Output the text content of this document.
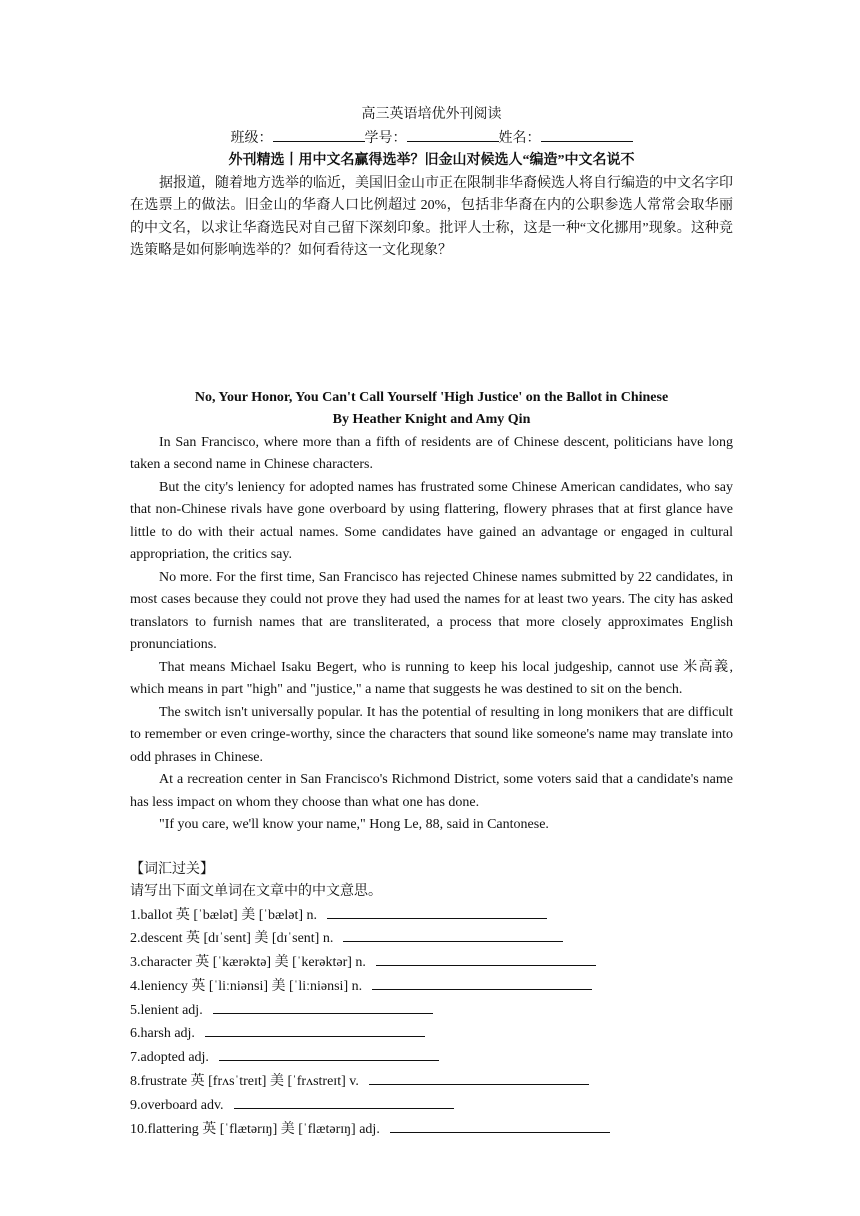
高三英语培优外刊阅读
班级：	学号：	姓名：
外刊精选丨用中文名赢得选举？旧金山对候选人“编造”中文名说不
据报道，随着地方选举的临近，美国旧金山市正在限制非华裔候选人将自行编造的中文名字印在选票上的做法。旧金山的华裔人口比例超过 20%，包括非华裔在内的公职参选人常常会取华丽的中文名，以求让华裔选民对自己留下深刻印象。批评人士称，这是一种“文化挪用”现象。这种竞选策略是如何影响选举的？如何看待这一文化现象？
No, Your Honor, You Can't Call Yourself 'High Justice' on the Ballot in Chinese
By Heather Knight and Amy Qin
In San Francisco, where more than a fifth of residents are of Chinese descent, politicians have long taken a second name in Chinese characters.
But the city's leniency for adopted names has frustrated some Chinese American candidates, who say that non-Chinese rivals have gone overboard by using flattering, flowery phrases that at first glance have little to do with their actual names. Some candidates have gained an advantage or engaged in cultural appropriation, the critics say.
No more. For the first time, San Francisco has rejected Chinese names submitted by 22 candidates, in most cases because they could not prove they had used the names for at least two years. The city has asked translators to furnish names that are transliterated, a process that more closely approximates English pronunciations.
That means Michael Isaku Begert, who is running to keep his local judgeship, cannot use 米高義, which means in part "high" and "justice," a name that suggests he was destined to sit on the bench.
The switch isn't universally popular. It has the potential of resulting in long monikers that are difficult to remember or even cringe-worthy, since the characters that sound like someone's name may translate into odd phrases in Chinese.
At a recreation center in San Francisco's Richmond District, some voters said that a candidate's name has less impact on whom they choose than what one has done.
"If you care, we'll know your name," Hong Le, 88, said in Cantonese.
【词汇过关】
请写出下面文单词在文章中的中文意思。
1.ballot 英 [ˈbælət] 美 [ˈbælət] n.
2.descent 英 [dɪˈsent] 美 [dɪˈsent] n.
3.character 英 [ˈkærəktə] 美 [ˈkerəktər] n.
4.leniency 英 [ˈliːniənsi] 美 [ˈliːniənsi] n.
5.lenient adj.
6.harsh adj.
7.adopted adj.
8.frustrate 英 [frʌsˈtreɪt] 美 [ˈfrʌstreɪt] v.
9.overboard adv.
10.flattering 英 [ˈflætərɪŋ] 美 [ˈflætərɪŋ] adj.
